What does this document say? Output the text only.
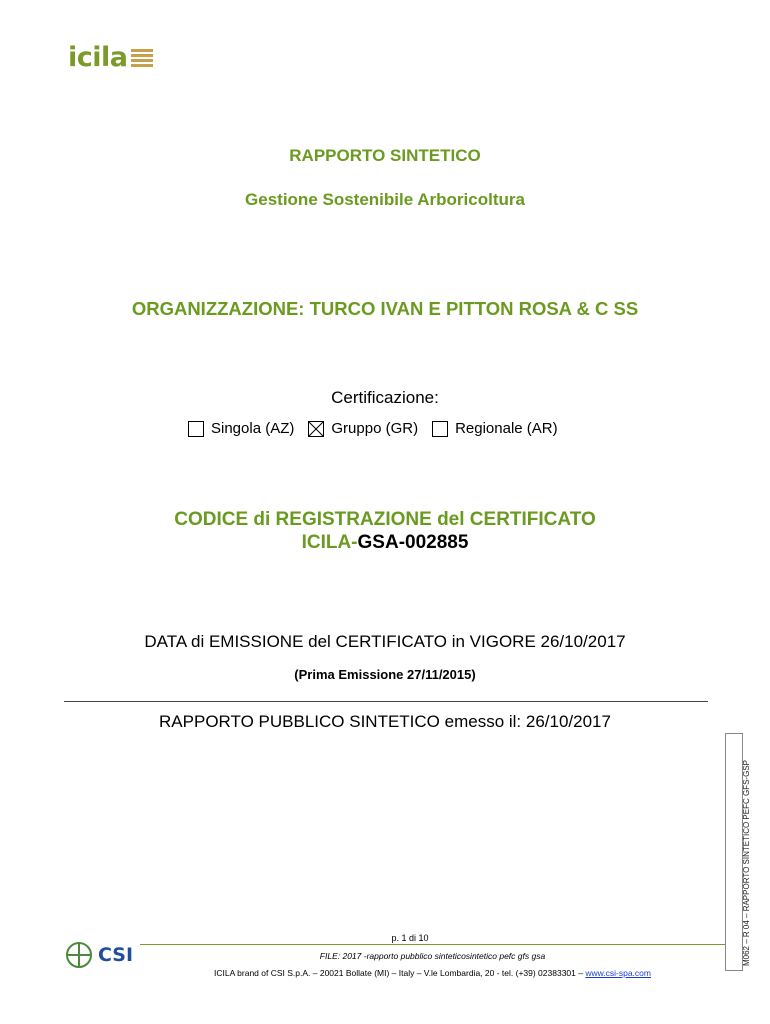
icila
RAPPORTO SINTETICO
Gestione Sostenibile Arboricoltura
ORGANIZZAZIONE: TURCO IVAN E PITTON ROSA & C SS
Certificazione:
Singola (AZ) Gruppo (GR) Regionale (AR)
CODICE di REGISTRAZIONE del CERTIFICATO
ICILA-GSA-002885
DATA di EMISSIONE del CERTIFICATO in VIGORE 26/10/2017
(Prima Emissione 27/11/2015)
RAPPORTO PUBBLICO SINTETICO emesso il: 26/10/2017
M062 – R 04 – RAPPORTO SINTETICO PEFC GFS-GSP
p. 1 di 10
CSI	FILE: 2017 -rapporto pubblico sinteticosintetico pefc gfs gsa
ICILA brand of CSI S.p.A. – 20021 Bollate (MI) – Italy – V.le Lombardia, 20 - tel. (+39) 02383301 – www.csi-spa.com
